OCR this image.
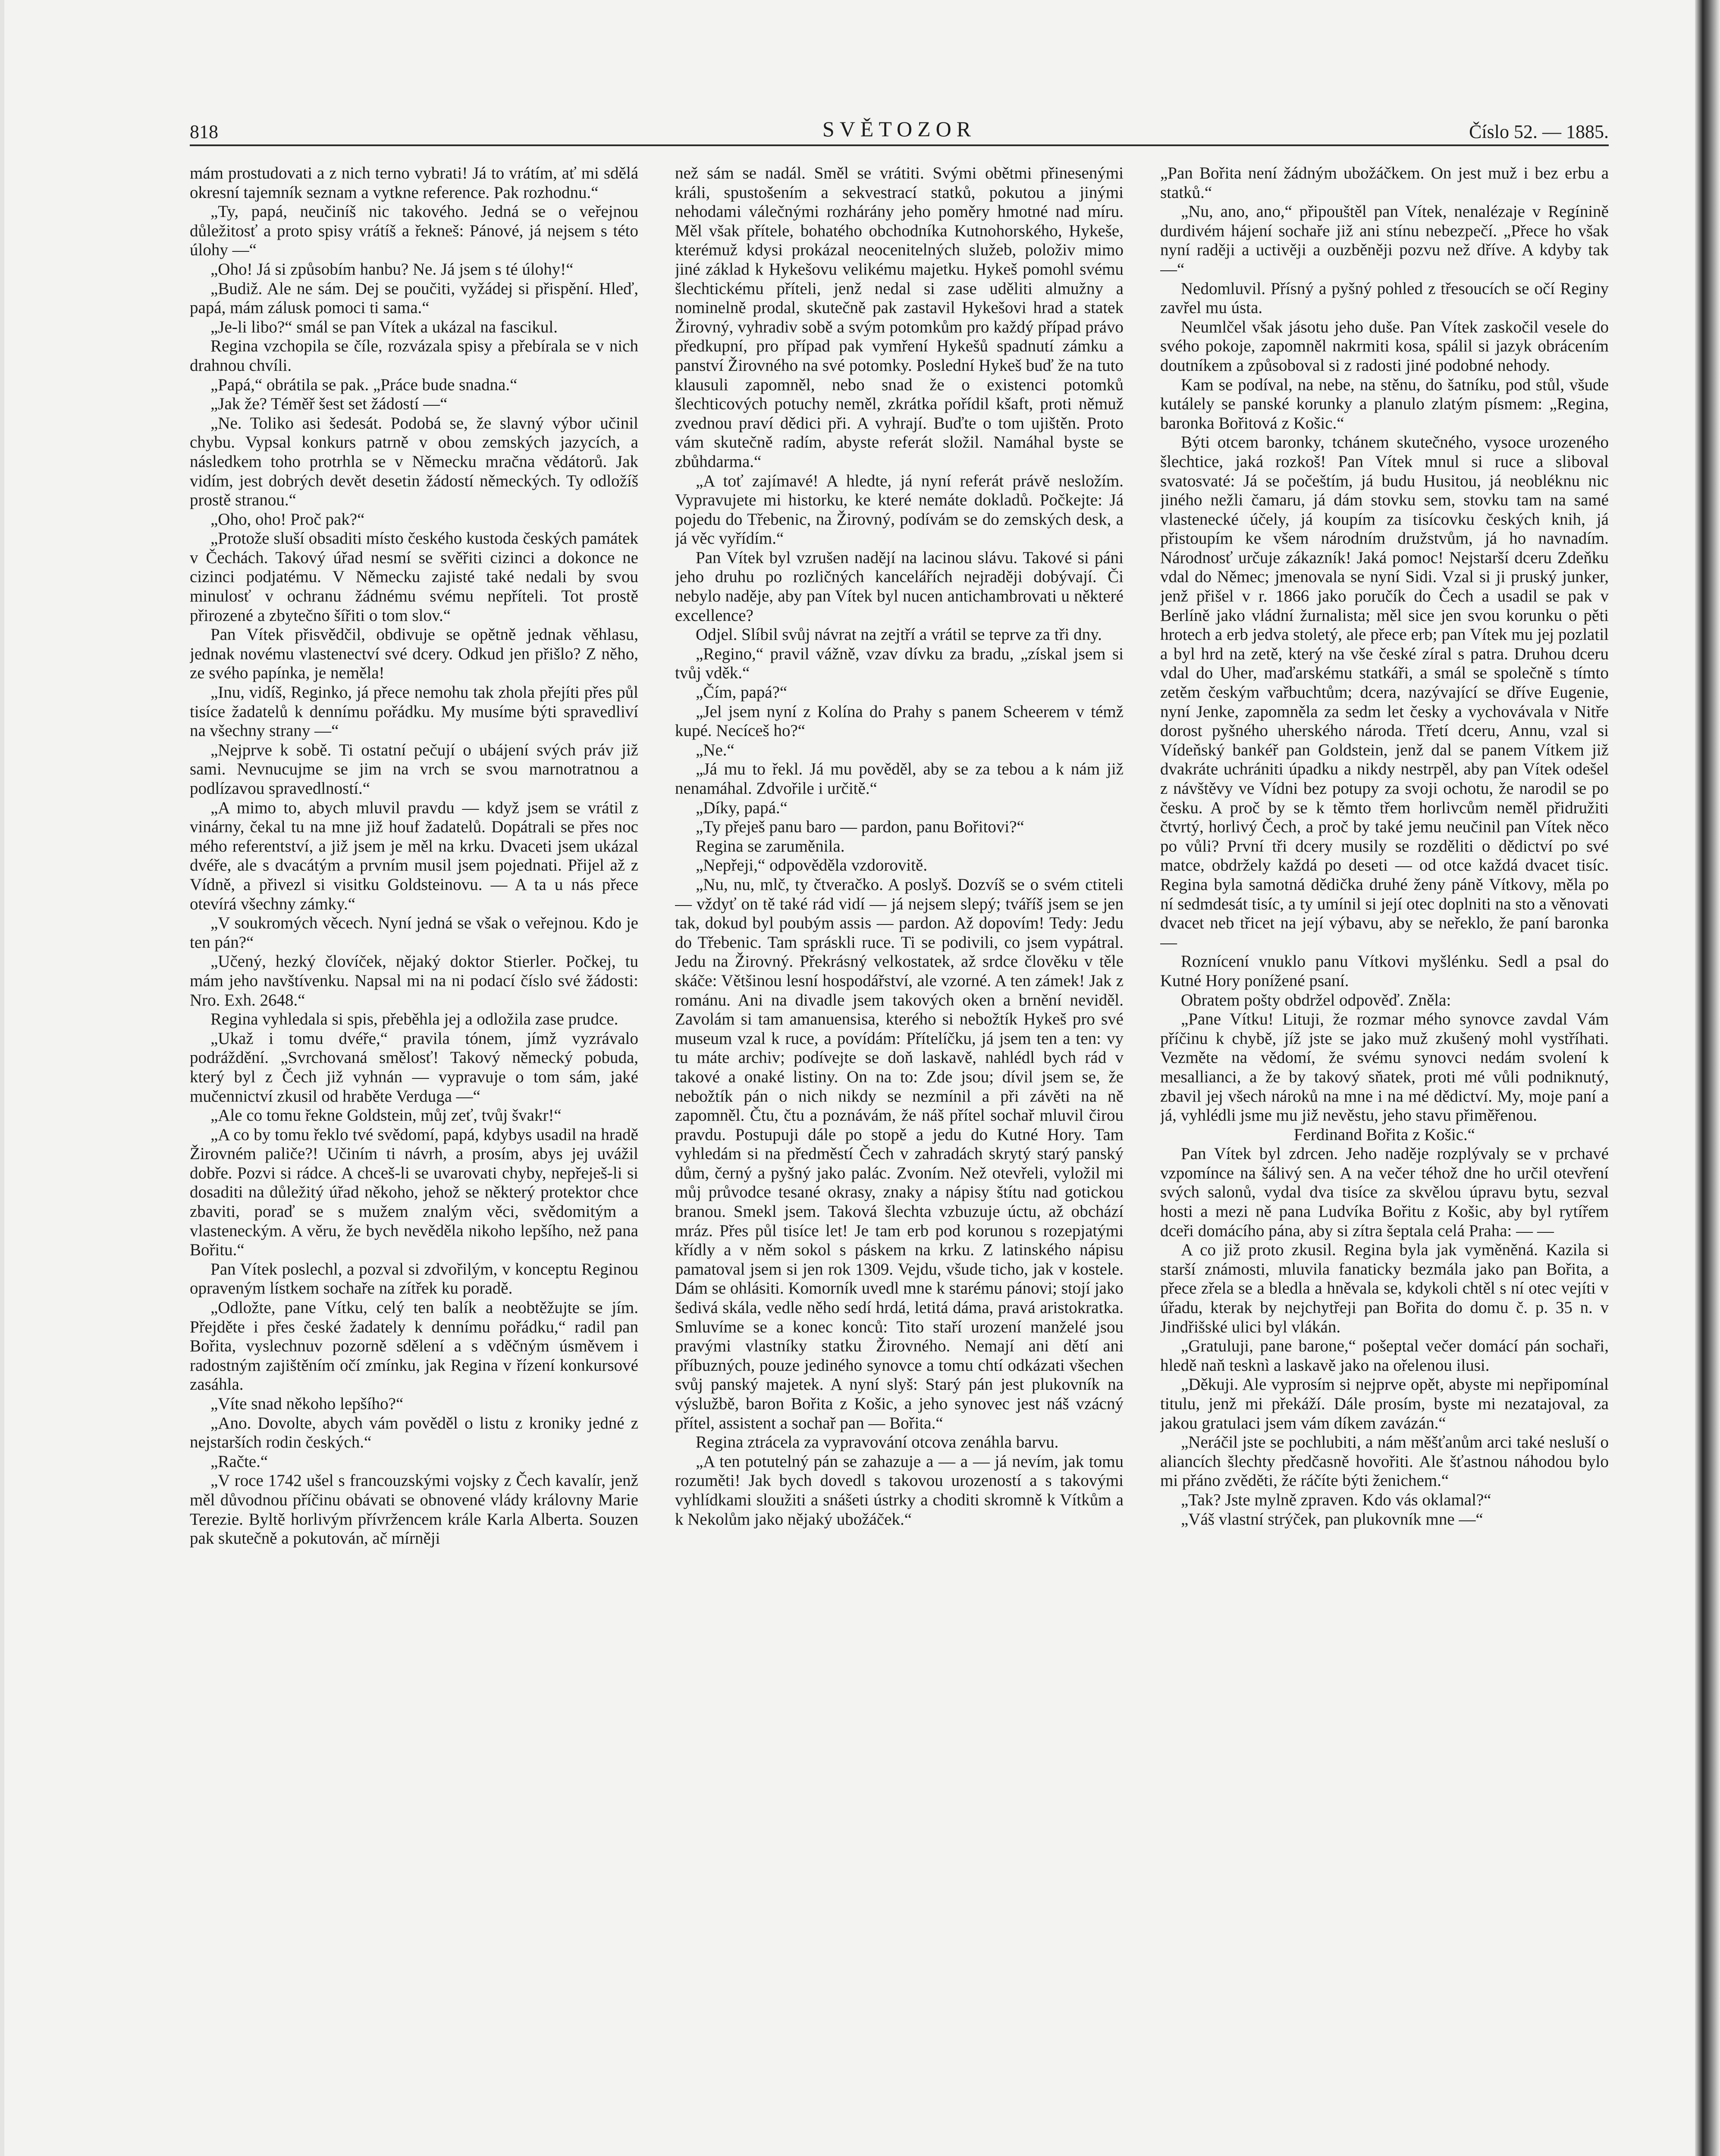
818	SVĚTOZOR	Číslo 52. — 1885.

mám prostudovati a z nich terno vybrati! Já to vrátím, ať mi sdělá okresní tajemník seznam a vytkne reference. Pak rozhodnu.“

„Ty, papá, neučiníš nic takového. Jedná se o veřejnou důležitosť a proto spisy vrátíš a řekneš: Pánové, já nejsem s této úlohy —“

„Oho! Já si způsobím hanbu? Ne. Já jsem s té úlohy!“

„Budiž. Ale ne sám. Dej se poučiti, vyžádej si přispění. Hleď, papá, mám zálusk pomoci ti sama.“

„Je-li libo?“ smál se pan Vítek a ukázal na fascikul.

Regina vzchopila se číle, rozvázala spisy a přebírala se v nich drahnou chvíli.

„Papá,“ obrátila se pak. „Práce bude snadna.“

„Jak že? Téměř šest set žádostí —“

„Ne. Toliko asi šedesát. Podobá se, že slavný výbor učinil chybu. Vypsal konkurs patrně v obou zemských jazycích, a následkem toho protrhla se v Německu mračna vědátorů. Jak vidím, jest dobrých devět desetin žádostí německých. Ty odložíš prostě stranou.“

„Oho, oho! Proč pak?“

„Protože sluší obsaditi místo českého kustoda českých památek v Čechách. Takový úřad nesmí se svěřiti cizinci a dokonce ne cizinci podjatému. V Německu zajisté také nedali by svou minulosť v ochranu žádnému svému nepříteli. Tot prostě přirozené a zbytečno šířiti o tom slov.“

Pan Vítek přisvědčil, obdivuje se opětně jednak věhlasu, jednak novému vlastenectví své dcery. Odkud jen přišlo? Z něho, ze svého papínka, je neměla!

„Inu, vidíš, Reginko, já přece nemohu tak zhola přejíti přes půl tisíce žadatelů k dennímu pořádku. My musíme býti spravedliví na všechny strany —“

„Nejprve k sobě. Ti ostatní pečují o ubájení svých práv již sami. Nevnucujme se jim na vrch se svou marnotratnou a podlízavou spravedlností.“

„A mimo to, abych mluvil pravdu — když jsem se vrátil z vinárny, čekal tu na mne již houf žadatelů. Dopátrali se přes noc mého referentství, a již jsem je měl na krku. Dvaceti jsem ukázal dvéře, ale s dvacátým a prvním musil jsem pojednati. Přijel až z Vídně, a přivezl si visitku Goldsteinovu. — A ta u nás přece otevírá všechny zámky.“

„V soukromých věcech. Nyní jedná se však o veřejnou. Kdo je ten pán?“

„Učený, hezký človíček, nějaký doktor Stierler. Počkej, tu mám jeho navštívenku. Napsal mi na ni podací číslo své žádosti: Nro. Exh. 2648.“

Regina vyhledala si spis, přeběhla jej a odložila zase prudce.

„Ukaž i tomu dvéře,“ pravila tónem, jímž vyzrávalo podráždění. „Svrchovaná smělosť! Takový německý pobuda, který byl z Čech již vyhnán — vypravuje o tom sám, jaké mučennictví zkusil od hraběte Verduga —“

„Ale co tomu řekne Goldstein, můj zeť, tvůj švakr!“

„A co by tomu řeklo tvé svědomí, papá, kdybys usadil na hradě Žirovném paliče?! Učiním ti návrh, a prosím, abys jej uvážil dobře. Pozvi si rádce. A chceš-li se uvarovati chyby, nepřeješ-li si dosaditi na důležitý úřad někoho, jehož se některý protektor chce zbaviti, poraď se s mužem znalým věci, svědomitým a vlasteneckým. A věru, že bych nevěděla nikoho lepšího, než pana Bořitu.“

Pan Vítek poslechl, a pozval si zdvořilým, v konceptu Reginou opraveným lístkem sochaře na zítřek ku poradě.

„Odložte, pane Vítku, celý ten balík a neobtěžujte se jím. Přejděte i přes české žadately k dennímu pořádku,“ radil pan Bořita, vyslechnuv pozorně sdělení a s vděčným úsměvem i radostným zajištěním očí zmínku, jak Regina v řízení konkursové zasáhla.

„Víte snad někoho lepšího?“

„Ano. Dovolte, abych vám pověděl o listu z kroniky jedné z nejstarších rodin českých.“

„Račte.“

„V roce 1742 ušel s francouzskými vojsky z Čech kavalír, jenž měl důvodnou příčinu obávati se obnovené vlády královny Marie Terezie. Byltě horlivým přívržencem krále Karla Alberta. Souzen pak skutečně a pokutován, ač mírněji

než sám se nadál. Směl se vrátiti. Svými obětmi přinesenými králi, spustošením a sekvestrací statků, pokutou a jinými nehodami válečnými rozhárány jeho poměry hmotné nad míru. Měl však přítele, bohatého obchodníka Kutnohorského, Hykeše, kterémuž kdysi prokázal neocenitelných služeb, položiv mimo jiné základ k Hykešovu velikému majetku. Hykeš pomohl svému šlechtickému příteli, jenž nedal si zase uděliti almužny a nominelně prodal, skutečně pak zastavil Hykešovi hrad a statek Žirovný, vyhradiv sobě a svým potomkům pro každý případ právo předkupní, pro případ pak vymření Hykešů spadnutí zámku a panství Žirovného na své potomky. Poslední Hykeš buď že na tuto klausuli zapomněl, nebo snad že o existenci potomků šlechticových potuchy neměl, zkrátka pořídil kšaft, proti němuž zvednou praví dědici při. A vyhrají. Buďte o tom ujištěn. Proto vám skutečně radím, abyste referát složil. Namáhal byste se zbůhdarma.“

„A toť zajímavé! A hledte, já nyní referát právě nesložím. Vypravujete mi historku, ke které nemáte dokladů. Počkejte: Já pojedu do Třebenic, na Žirovný, podívám se do zemských desk, a já věc vyřídím.“

Pan Vítek byl vzrušen nadějí na lacinou slávu. Takové si páni jeho druhu po rozličných kancelářích nejraději dobývají. Či nebylo naděje, aby pan Vítek byl nucen antichambrovati u některé excellence?

Odjel. Slíbil svůj návrat na zejtří a vrátil se teprve za tři dny.

„Regino,“ pravil vážně, vzav dívku za bradu, „získal jsem si tvůj vděk.“

„Čím, papá?“

„Jel jsem nyní z Kolína do Prahy s panem Scheerem v témž kupé. Necíceš ho?“

„Ne.“

„Já mu to řekl. Já mu pověděl, aby se za tebou a k nám již nenamáhal. Zdvořile i určitě.“

„Díky, papá.“

„Ty přeješ panu baro — pardon, panu Bořitovi?“

Regina se zaruměnila.

„Nepřeji,“ odpověděla vzdorovitě.

„Nu, nu, mlč, ty čtveračko. A poslyš. Dozvíš se o svém ctiteli — vždyť on tě také rád vidí — já nejsem slepý; tváříš jsem se jen tak, dokud byl poubým assis — pardon. Až dopovím! Tedy: Jedu do Třebenic. Tam spráskli ruce. Ti se podivili, co jsem vypátral. Jedu na Žirovný. Překrásný velkostatek, až srdce člověku v těle skáče: Většinou lesní hospodářství, ale vzorné. A ten zámek! Jak z románu. Ani na divadle jsem takových oken a brnění neviděl. Zavolám si tam amanuensisa, kterého si nebožtík Hykeš pro své museum vzal k ruce, a povídám: Přítelíčku, já jsem ten a ten: vy tu máte archiv; podívejte se doň laskavě, nahlédl bych rád v takové a onaké listiny. On na to: Zde jsou; dívil jsem se, že nebožtík pán o nich nikdy se nezmínil a při závěti na ně zapomněl. Čtu, čtu a poznávám, že náš přítel sochař mluvil čirou pravdu. Postupuji dále po stopě a jedu do Kutné Hory. Tam vyhledám si na předměstí Čech v zahradách skrytý starý panský dům, černý a pyšný jako palác. Zvoním. Než otevřeli, vyložil mi můj průvodce tesané okrasy, znaky a nápisy štítu nad gotickou branou. Smekl jsem. Taková šlechta vzbuzuje úctu, až obchází mráz. Přes půl tisíce let! Je tam erb pod korunou s rozepjatými křídly a v něm sokol s páskem na krku. Z latinského nápisu pamatoval jsem si jen rok 1309. Vejdu, všude ticho, jak v kostele. Dám se ohlásiti. Komorník uvedl mne k starému pánovi; stojí jako šedivá skála, vedle něho sedí hrdá, letitá dáma, pravá aristokratka. Smluvíme se a konec konců: Tito staří urození manželé jsou pravými vlastníky statku Žirovného. Nemají ani dětí ani příbuzných, pouze jediného synovce a tomu chtí odkázati všechen svůj panský majetek. A nyní slyš: Starý pán jest plukovník na výslužbě, baron Bořita z Košic, a jeho synovec jest náš vzácný přítel, assistent a sochař pan — Bořita.“

Regina ztrácela za vypravování otcova zenáhla barvu.

„A ten potutelný pán se zahazuje a — a — já nevím, jak tomu rozuměti! Jak bych dovedl s takovou urozeností a s takovými vyhlídkami sloužiti a snášeti ústrky a choditi skromně k Vítkům a k Nekolům jako nějaký ubožáček.“

„Pan Bořita není žádným ubožáčkem. On jest muž i bez erbu a statků.“

„Nu, ano, ano,“ připouštěl pan Vítek, nenalézaje v Regínině durdivém hájení sochaře již ani stínu nebezpečí. „Přece ho však nyní raději a uctivěji a ouzběněji pozvu než dříve. A kdyby tak —“

Nedomluvil. Přísný a pyšný pohled z třesoucích se očí Reginy zavřel mu ústa.

Neumlčel však jásotu jeho duše. Pan Vítek zaskočil vesele do svého pokoje, zapomněl nakrmiti kosa, spálil si jazyk obrácením doutníkem a způsoboval si z radosti jiné podobné nehody.

Kam se podíval, na nebe, na stěnu, do šatníku, pod stůl, všude kutálely se panské korunky a planulo zlatým písmem: „Regina, baronka Bořitová z Košic.“

Býti otcem baronky, tchánem skutečného, vysoce urozeného šlechtice, jaká rozkoš! Pan Vítek mnul si ruce a sliboval svatosvaté: Já se počeštím, já budu Husitou, já neobléknu nic jiného nežli čamaru, já dám stovku sem, stovku tam na samé vlastenecké účely, já koupím za tisícovku českých knih, já přistoupím ke všem národním družstvům, já ho navnadím. Národnosť určuje zákazník! Jaká pomoc! Nejstarší dceru Zdeňku vdal do Němec; jmenovala se nyní Sidi. Vzal si ji pruský junker, jenž přišel v r. 1866 jako poručík do Čech a usadil se pak v Berlíně jako vládní žurnalista; měl sice jen svou korunku o pěti hrotech a erb jedva stoletý, ale přece erb; pan Vítek mu jej pozlatil a byl hrd na zetě, který na vše české zíral s patra. Druhou dceru vdal do Uher, maďarskému statkáři, a smál se společně s tímto zetěm českým vařbuchtům; dcera, nazývající se dříve Eugenie, nyní Jenke, zapomněla za sedm let česky a vychovávala v Nitře dorost pyšného uherského národa. Třetí dceru, Annu, vzal si Vídeňský bankéř pan Goldstein, jenž dal se panem Vítkem již dvakráte uchrániti úpadku a nikdy nestrpěl, aby pan Vítek odešel z návštěvy ve Vídni bez potupy za svoji ochotu, že narodil se po česku. A proč by se k těmto třem horlivcům neměl přidružiti čtvrtý, horlivý Čech, a proč by také jemu neučinil pan Vítek něco po vůli? První tři dcery musily se rozděliti o dědictví po své matce, obdržely každá po deseti — od otce každá dvacet tisíc. Regina byla samotná dědička druhé ženy páně Vítkovy, měla po ní sedmdesát tisíc, a ty umínil si její otec doplniti na sto a věnovati dvacet neb třicet na její výbavu, aby se neřeklo, že paní baronka —

Roznícení vnuklo panu Vítkovi myšlénku. Sedl a psal do Kutné Hory ponížené psaní.

Obratem pošty obdržel odpověď. Zněla:

„Pane Vítku! Lituji, že rozmar mého synovce zavdal Vám příčinu k chybě, jíž jste se jako muž zkušený mohl vystříhati. Vezměte na vědomí, že svému synovci nedám svolení k mesallianci, a že by takový sňatek, proti mé vůli podniknutý, zbavil jej všech nároků na mne i na mé dědictví. My, moje paní a já, vyhlédli jsme mu již nevěstu, jeho stavu přiměřenou.

Ferdinand Bořita z Košic.“

Pan Vítek byl zdrcen. Jeho naděje rozplývaly se v prchavé vzpomínce na šálivý sen. A na večer téhož dne ho určil otevření svých salonů, vydal dva tisíce za skvělou úpravu bytu, sezval hosti a mezi ně pana Ludvíka Bořitu z Košic, aby byl rytířem dceři domácího pána, aby si zítra šeptala celá Praha: — —

A co již proto zkusil. Regina byla jak vyměněná. Kazila si starší známosti, mluvila fanaticky bezmála jako pan Bořita, a přece zřela se a bledla a hněvala se, kdykoli chtěl s ní otec vejíti v úřadu, kterak by nejchytřeji pan Bořita do domu č. p. 35 n. v Jindřišské ulici byl vlákán.

„Gratuluji, pane barone,“ pošeptal večer domácí pán sochaři, hledě naň tesknì a laskavě jako na ořelenou ilusi.

„Děkuji. Ale vyprosím si nejprve opět, abyste mi nepřipomínal titulu, jenž mi překáží. Dále prosím, byste mi nezatajoval, za jakou gratulaci jsem vám díkem zavázán.“

„Neráčil jste se pochlubiti, a nám měšťanům arci také nesluší o aliancích šlechty předčasně hovořiti. Ale šťastnou náhodou bylo mi přáno zvěděti, že ráčíte býti ženichem.“

„Tak? Jste mylně zpraven. Kdo vás oklamal?“

„Váš vlastní strýček, pan plukovník mne —“
